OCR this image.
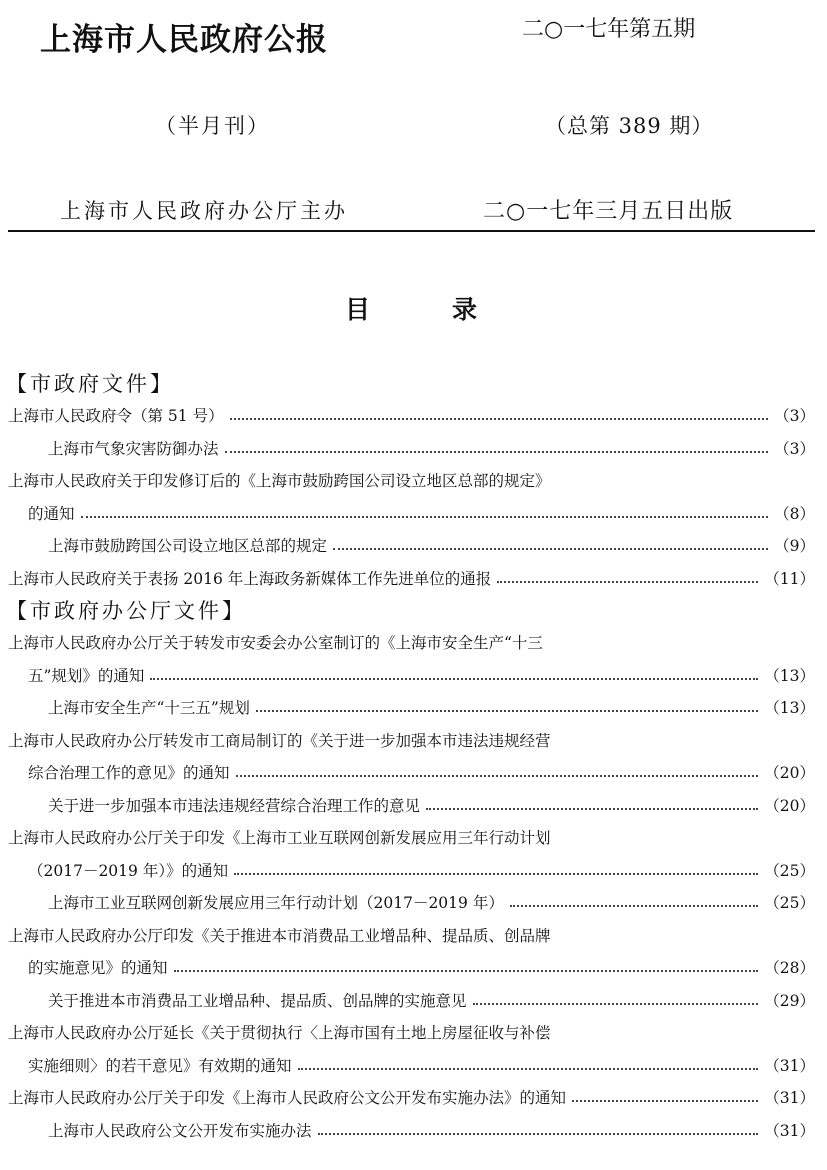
上海市人民政府公报	二○一七年第五期
（半月刊）	（总第 389 期）
上海市人民政府办公厅主办	二○一七年三月五日出版
目	录
【市政府文件】
上海市人民政府令（第 51 号）	（3）
上海市气象灾害防御办法	（3）
上海市人民政府关于印发修订后的《上海市鼓励跨国公司设立地区总部的规定》
的通知	（8）
上海市鼓励跨国公司设立地区总部的规定	（9）
上海市人民政府关于表扬 2016 年上海政务新媒体工作先进单位的通报	（11）
【市政府办公厅文件】
上海市人民政府办公厅关于转发市安委会办公室制订的《上海市安全生产“十三
五”规划》的通知	（13）
上海市安全生产“十三五”规划	（13）
上海市人民政府办公厅转发市工商局制订的《关于进一步加强本市违法违规经营
综合治理工作的意见》的通知	（20）
关于进一步加强本市违法违规经营综合治理工作的意见	（20）
上海市人民政府办公厅关于印发《上海市工业互联网创新发展应用三年行动计划
（2017－2019 年）》的通知	（25）
上海市工业互联网创新发展应用三年行动计划（2017－2019 年）	（25）
上海市人民政府办公厅印发《关于推进本市消费品工业增品种、提品质、创品牌
的实施意见》的通知	（28）
关于推进本市消费品工业增品种、提品质、创品牌的实施意见	（29）
上海市人民政府办公厅延长《关于贯彻执行〈上海市国有土地上房屋征收与补偿
实施细则〉的若干意见》有效期的通知	（31）
上海市人民政府办公厅关于印发《上海市人民政府公文公开发布实施办法》的通知	（31）
上海市人民政府公文公开发布实施办法	（31）
